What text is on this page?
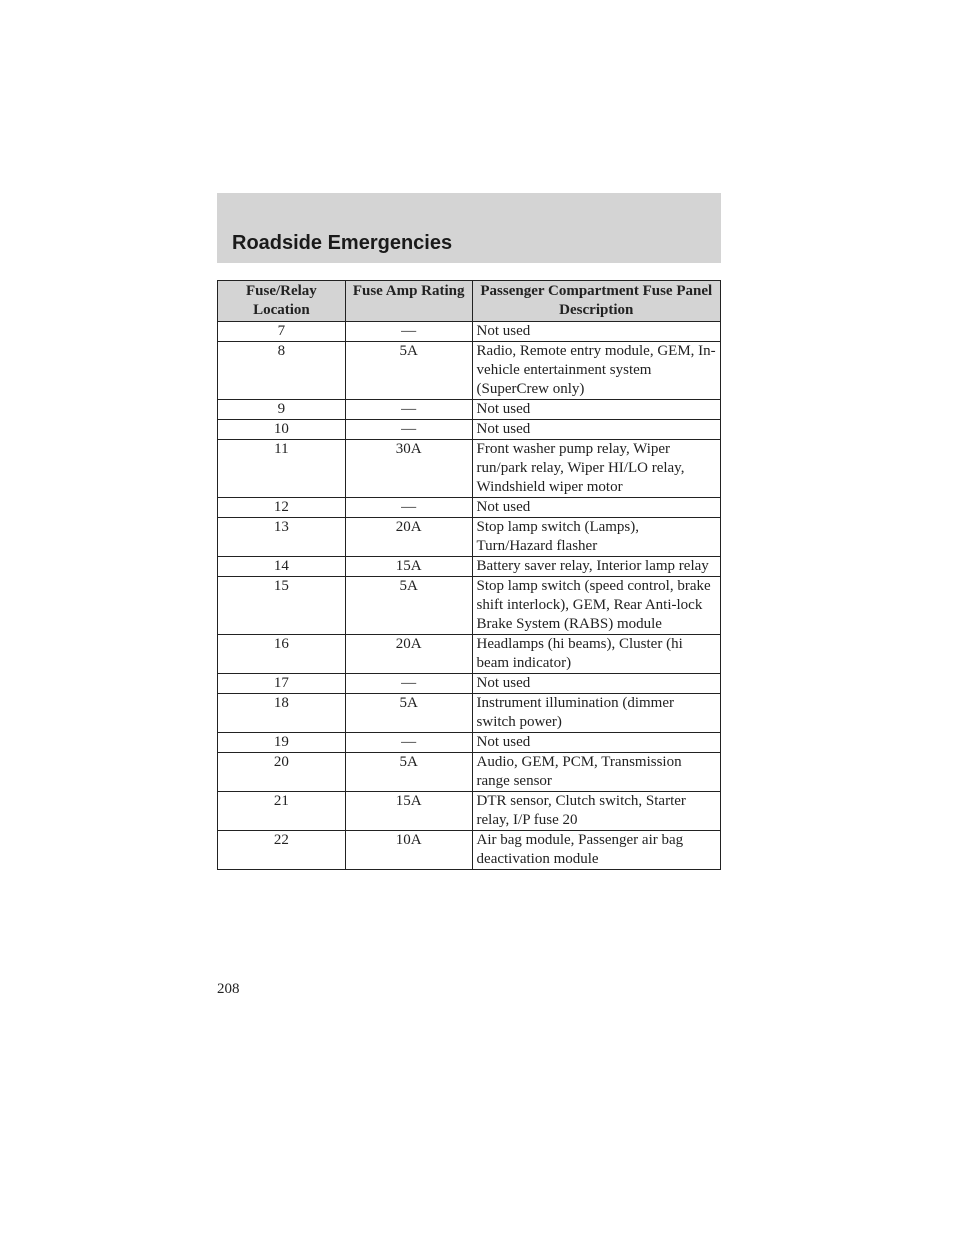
Roadside Emergencies
Fuse/Relay Location	Fuse Amp Rating	Passenger Compartment Fuse Panel Description
7	—	Not used
8	5A	Radio, Remote entry module, GEM, In-vehicle entertainment system (SuperCrew only)
9	—	Not used
10	—	Not used
11	30A	Front washer pump relay, Wiper run/park relay, Wiper HI/LO relay, Windshield wiper motor
12	—	Not used
13	20A	Stop lamp switch (Lamps), Turn/Hazard flasher
14	15A	Battery saver relay, Interior lamp relay
15	5A	Stop lamp switch (speed control, brake shift interlock), GEM, Rear Anti-lock Brake System (RABS) module
16	20A	Headlamps (hi beams), Cluster (hi beam indicator)
17	—	Not used
18	5A	Instrument illumination (dimmer switch power)
19	—	Not used
20	5A	Audio, GEM, PCM, Transmission range sensor
21	15A	DTR sensor, Clutch switch, Starter relay, I/P fuse 20
22	10A	Air bag module, Passenger air bag deactivation module
208
